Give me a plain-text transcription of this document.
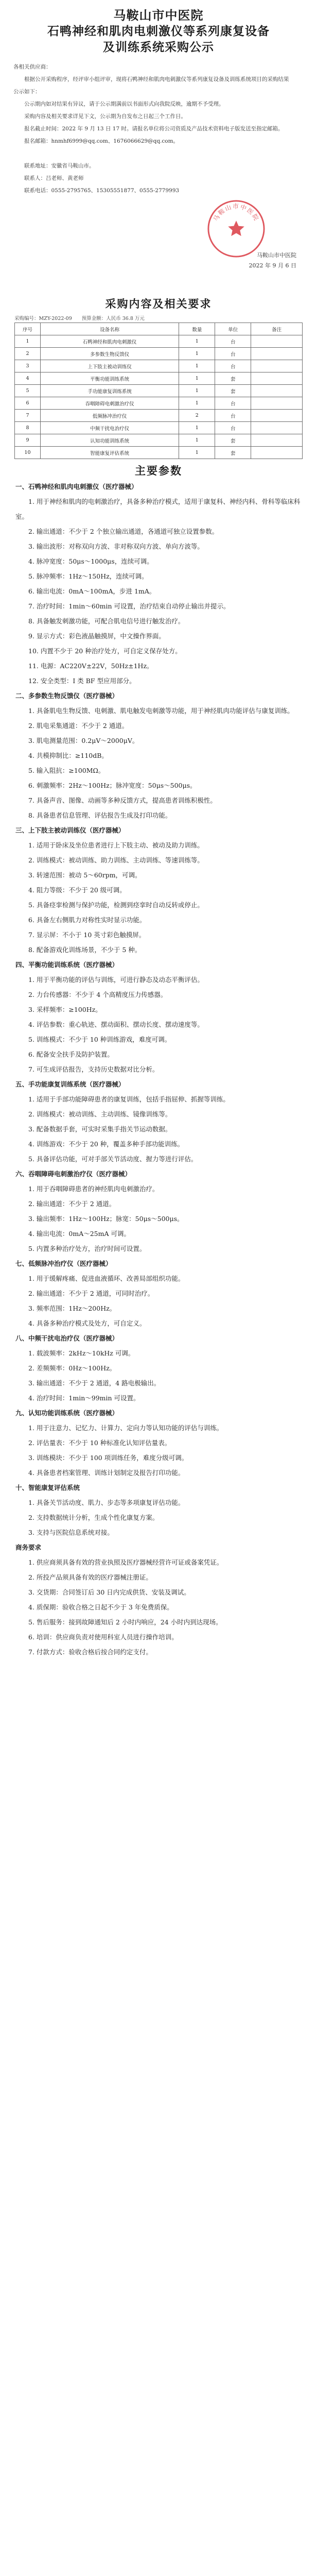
马鞍山市中医院
石鸭神经和肌肉电刺激仪等系列康复设备
及训练系统采购公示

各相关供应商：

根据公开采购程序，经评审小组评审，现将石鸭神经和肌肉电刺激仪等系列康复设备及训练系统项目的采购结果公示如下：

公示期内如对结果有异议，请于公示期满前以书面形式向我院反映，逾期不予受理。

采购内容及相关要求详见下文，公示期为自发布之日起三个工作日。

报名截止时间：2022 年 9 月 13 日 17 时。请报名单位将公司资质及产品技术资料电子版发送至指定邮箱。

报名邮箱：hnmhf6999@qq.com、1676066629@qq.com。

联系地址：安徽省马鞍山市。

联系人：吕老师、黄老师

联系电话：0555-2795765、15305551877、0555-2779993

马鞍山市中医院
马鞍山市中医院
2022 年 9 月 6 日
采购内容及相关要求
采购编号：MZY-2022-09　　预算金额：人民币 36.8 万元
序号	设备名称	数量	单位	备注
1	石鸭神经和肌肉电刺激仪	1	台	
2	多参数生物反馈仪	1	台	
3	上下肢主被动训练仪	1	台	
4	平衡功能训练系统	1	套	
5	手功能康复训练系统	1	套	
6	吞咽障碍电刺激治疗仪	1	台	
7	低频脉冲治疗仪	2	台	
8	中频干扰电治疗仪	1	台	
9	认知功能训练系统	1	套	
10	智能康复评估系统	1	套	
主要参数

一、石鸭神经和肌肉电刺激仪（医疗器械）

1. 用于神经和肌肉的电刺激治疗，具备多种治疗模式，适用于康复科、神经内科、骨科等临床科室。

2. 输出通道：不少于 2 个独立输出通道，各通道可独立设置参数。

3. 输出波形：对称双向方波、非对称双向方波、单向方波等。

4. 脉冲宽度：50μs～1000μs，连续可调。

5. 脉冲频率：1Hz～150Hz，连续可调。

6. 输出电流：0mA～100mA，步进 1mA。

7. 治疗时间：1min～60min 可设置，治疗结束自动停止输出并提示。

8. 具备触发刺激功能，可配合肌电信号进行触发治疗。

9. 显示方式：彩色液晶触摸屏，中文操作界面。

10. 内置不少于 20 种治疗处方，可自定义保存处方。

11. 电源：AC220V±22V，50Hz±1Hz。

12. 安全类型：I 类 BF 型应用部分。

二、多参数生物反馈仪（医疗器械）

1. 具备肌电生物反馈、电刺激、肌电触发电刺激等功能，用于神经肌肉功能评估与康复训练。

2. 肌电采集通道：不少于 2 通道。

3. 肌电测量范围：0.2μV～2000μV。

4. 共模抑制比：≥110dB。

5. 输入阻抗：≥100MΩ。

6. 刺激频率：2Hz～100Hz；脉冲宽度：50μs～500μs。

7. 具备声音、图像、动画等多种反馈方式，提高患者训练积极性。

8. 具备患者信息管理、评估报告生成及打印功能。

三、上下肢主被动训练仪（医疗器械）

1. 适用于卧床及坐位患者进行上下肢主动、被动及助力训练。

2. 训练模式：被动训练、助力训练、主动训练、等速训练等。

3. 转速范围：被动 5～60rpm，可调。

4. 阻力等级：不少于 20 级可调。

5. 具备痉挛检测与保护功能，检测到痉挛时自动反转或停止。

6. 具备左右侧肌力对称性实时显示功能。

7. 显示屏：不小于 10 英寸彩色触摸屏。

8. 配备游戏化训练场景，不少于 5 种。

四、平衡功能训练系统（医疗器械）

1. 用于平衡功能的评估与训练，可进行静态及动态平衡评估。

2. 力台传感器：不少于 4 个高精度压力传感器。

3. 采样频率：≥100Hz。

4. 评估参数：重心轨迹、摆动面积、摆动长度、摆动速度等。

5. 训练模式：不少于 10 种训练游戏，难度可调。

6. 配备安全扶手及防护装置。

7. 可生成评估报告，支持历史数据对比分析。

五、手功能康复训练系统（医疗器械）

1. 适用于手部功能障碍患者的康复训练，包括手指屈伸、抓握等训练。

2. 训练模式：被动训练、主动训练、镜像训练等。

3. 配备数据手套，可实时采集手指关节运动数据。

4. 训练游戏：不少于 20 种，覆盖多种手部功能训练。

5. 具备评估功能，可对手部关节活动度、握力等进行评估。

六、吞咽障碍电刺激治疗仪（医疗器械）

1. 用于吞咽障碍患者的神经肌肉电刺激治疗。

2. 输出通道：不少于 2 通道。

3. 输出频率：1Hz～100Hz；脉宽：50μs～500μs。

4. 输出电流：0mA～25mA 可调。

5. 内置多种治疗处方，治疗时间可设置。

七、低频脉冲治疗仪（医疗器械）

1. 用于缓解疼痛、促进血液循环、改善局部组织功能。

2. 输出通道：不少于 2 通道，可同时治疗。

3. 频率范围：1Hz～200Hz。

4. 具备多种治疗模式及处方，可自定义。

八、中频干扰电治疗仪（医疗器械）

1. 载波频率：2kHz～10kHz 可调。

2. 差频频率：0Hz～100Hz。

3. 输出通道：不少于 2 通道，4 路电极输出。

4. 治疗时间：1min～99min 可设置。

九、认知功能训练系统（医疗器械）

1. 用于注意力、记忆力、计算力、定向力等认知功能的评估与训练。

2. 评估量表：不少于 10 种标准化认知评估量表。

3. 训练模块：不少于 100 项训练任务，难度分级可调。

4. 具备患者档案管理、训练计划制定及报告打印功能。

十、智能康复评估系统

1. 具备关节活动度、肌力、步态等多项康复评估功能。

2. 支持数据统计分析，生成个性化康复方案。

3. 支持与医院信息系统对接。

商务要求

1. 供应商须具备有效的营业执照及医疗器械经营许可证或备案凭证。

2. 所投产品须具备有效的医疗器械注册证。

3. 交货期：合同签订后 30 日内完成供货、安装及调试。

4. 质保期：验收合格之日起不少于 3 年免费质保。

5. 售后服务：接到故障通知后 2 小时内响应，24 小时内到达现场。

6. 培训：供应商负责对使用科室人员进行操作培训。

7. 付款方式：验收合格后按合同约定支付。
